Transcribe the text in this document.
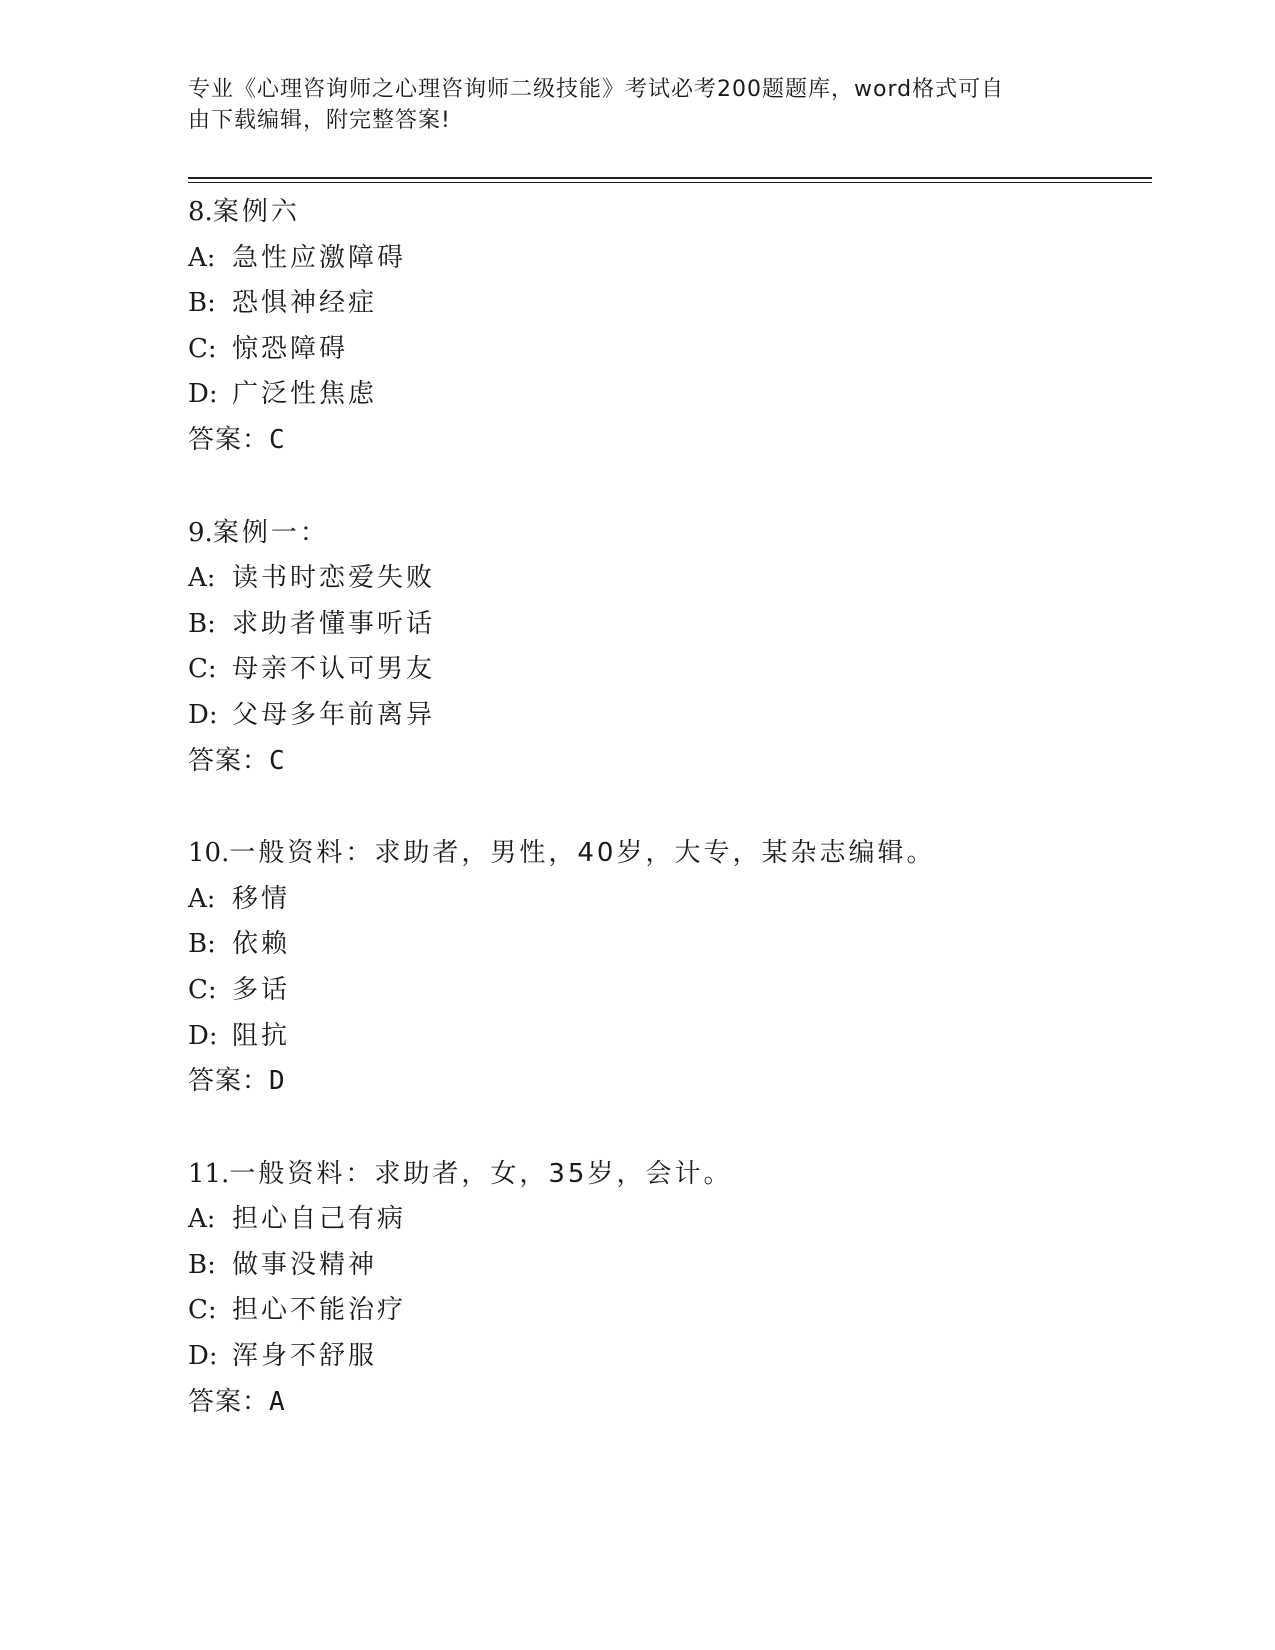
专业《心理咨询师之心理咨询师二级技能》考试必考200题题库，word格式可自
由下载编辑，附完整答案!
8.案例六
A: 急性应激障碍
B: 恐惧神经症
C: 惊恐障碍
D: 广泛性焦虑
答案：C
9.案例一：
A: 读书时恋爱失败
B: 求助者懂事听话
C: 母亲不认可男友
D: 父母多年前离异
答案：C
10.一般资料：求助者，男性，40岁，大专，某杂志编辑。
A: 移情
B: 依赖
C: 多话
D: 阻抗
答案：D
11.一般资料：求助者，女，35岁，会计。
A: 担心自己有病
B: 做事没精神
C: 担心不能治疗
D: 浑身不舒服
答案：A
